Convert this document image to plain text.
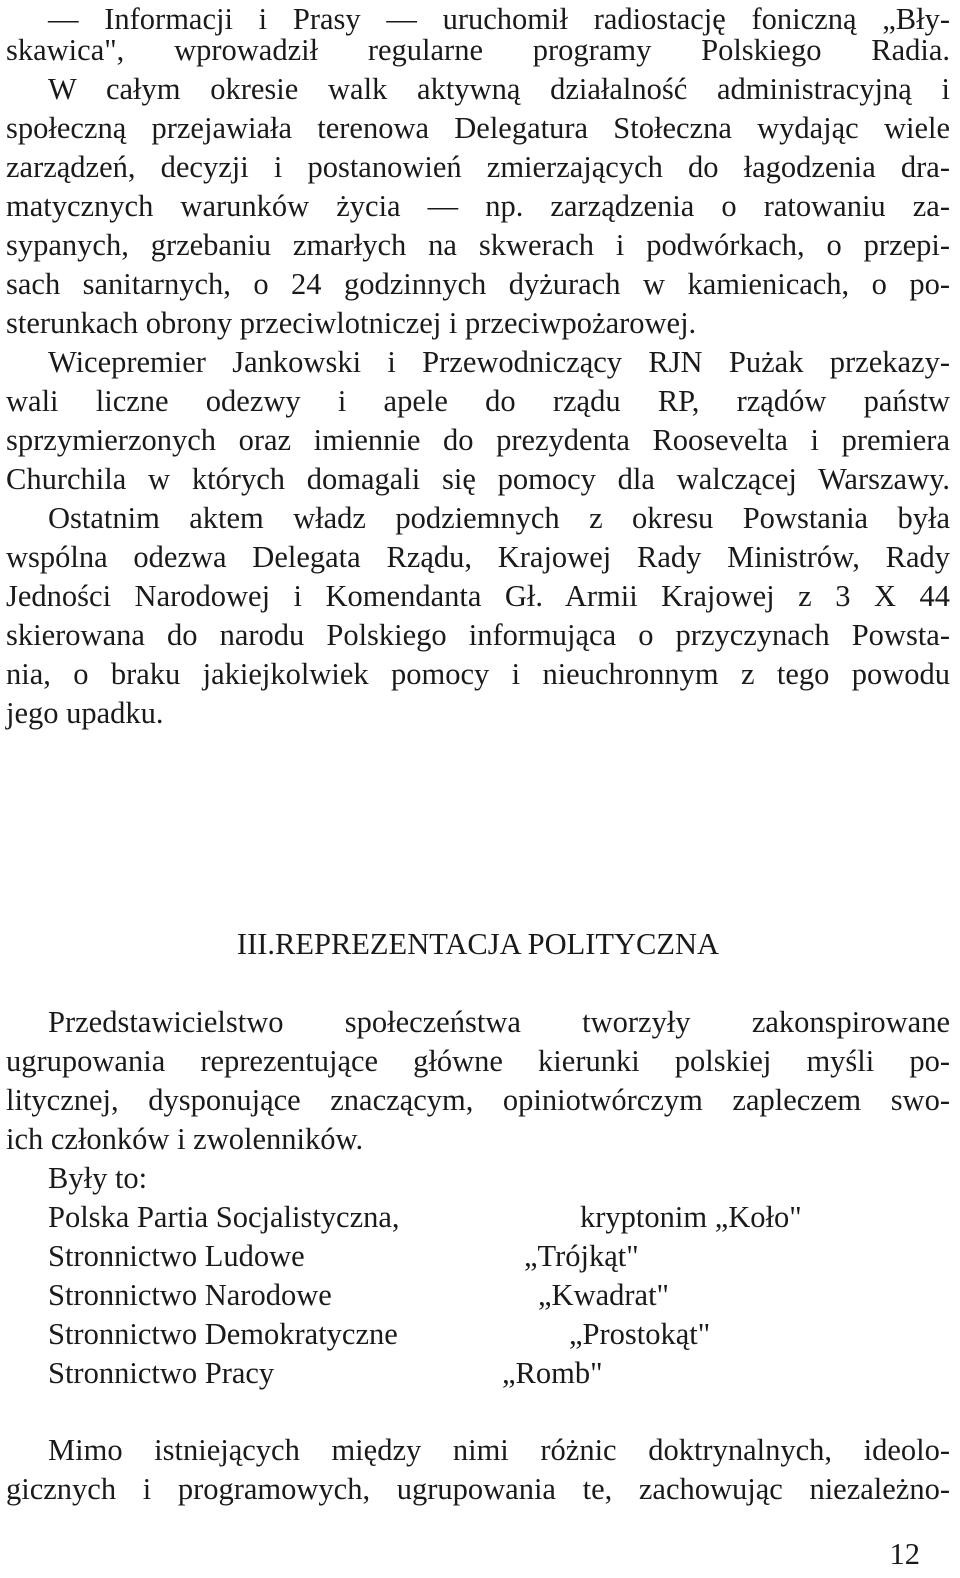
— Informacji i Prasy — uruchomił radiostację foniczną „Bły-
skawica", wprowadził regularne programy Polskiego Radia.
W całym okresie walk aktywną działalność administracyjną i
społeczną przejawiała terenowa Delegatura Stołeczna wydając wiele
zarządzeń, decyzji i postanowień zmierzających do łagodzenia dra-
matycznych warunków życia — np. zarządzenia o ratowaniu za-
sypanych, grzebaniu zmarłych na skwerach i podwórkach, o przepi-
sach sanitarnych, o 24 godzinnych dyżurach w kamienicach, o po-
sterunkach obrony przeciwlotniczej i przeciwpożarowej.
Wicepremier Jankowski i Przewodniczący RJN Pużak przekazy-
wali liczne odezwy i apele do rządu RP, rządów państw
sprzymierzonych oraz imiennie do prezydenta Roosevelta i premiera
Churchila w których domagali się pomocy dla walczącej Warszawy.
Ostatnim aktem władz podziemnych z okresu Powstania była
wspólna odezwa Delegata Rządu, Krajowej Rady Ministrów, Rady
Jedności Narodowej i Komendanta Gł. Armii Krajowej z 3 X 44
skierowana do narodu Polskiego informująca o przyczynach Powsta-
nia, o braku jakiejkolwiek pomocy i nieuchronnym z tego powodu
jego upadku.
III.REPREZENTACJA POLITYCZNA
Przedstawicielstwo społeczeństwa tworzyły zakonspirowane
ugrupowania reprezentujące główne kierunki polskiej myśli po-
litycznej, dysponujące znaczącym, opiniotwórczym zapleczem swo-
ich członków i zwolenników.
Były to:
Polska Partia Socjalistyczna,	kryptonim „Koło"
Stronnictwo Ludowe	„Trójkąt"
Stronnictwo Narodowe	„Kwadrat"
Stronnictwo Demokratyczne	„Prostokąt"
Stronnictwo Pracy	„Romb"
Mimo istniejących między nimi różnic doktrynalnych, ideolo-
gicznych i programowych, ugrupowania te, zachowując niezależno-
12
